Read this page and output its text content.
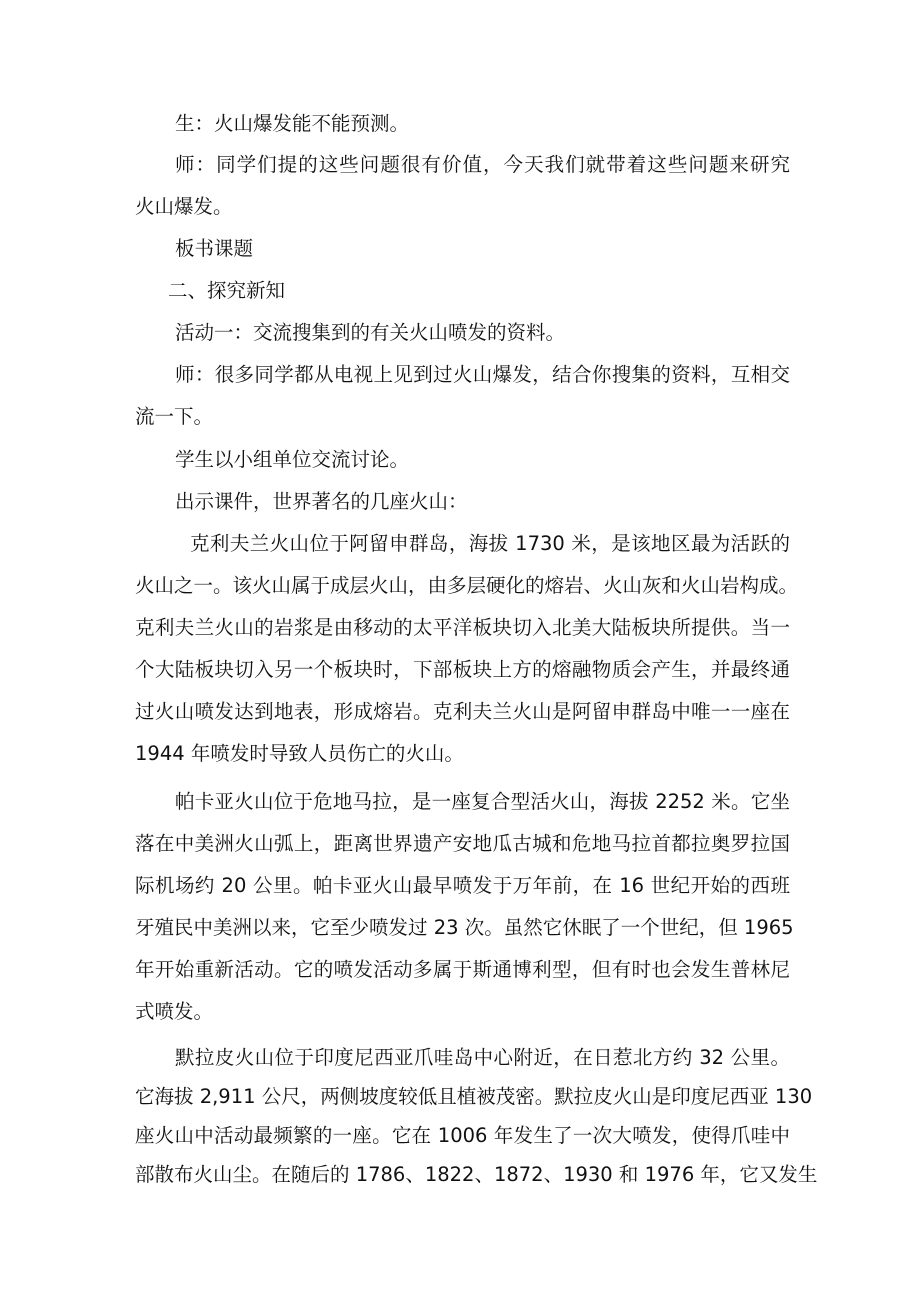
生：火山爆发能不能预测。
师：同学们提的这些问题很有价值，今天我们就带着这些问题来研究
火山爆发。
板书课题
二、探究新知
活动一：交流搜集到的有关火山喷发的资料。
师：很多同学都从电视上见到过火山爆发，结合你搜集的资料，互相交
流一下。
学生以小组单位交流讨论。
出示课件，世界著名的几座火山：
克利夫兰火山位于阿留申群岛，海拔 1730 米，是该地区最为活跃的
火山之一。该火山属于成层火山，由多层硬化的熔岩、火山灰和火山岩构成。
克利夫兰火山的岩浆是由移动的太平洋板块切入北美大陆板块所提供。当一
个大陆板块切入另一个板块时，下部板块上方的熔融物质会产生，并最终通
过火山喷发达到地表，形成熔岩。克利夫兰火山是阿留申群岛中唯一一座在
1944 年喷发时导致人员伤亡的火山。
帕卡亚火山位于危地马拉，是一座复合型活火山，海拔 2252 米。它坐
落在中美洲火山弧上，距离世界遗产安地瓜古城和危地马拉首都拉奥罗拉国
际机场约 20 公里。帕卡亚火山最早喷发于万年前，在 16 世纪开始的西班
牙殖民中美洲以来，它至少喷发过 23 次。虽然它休眠了一个世纪，但 1965
年开始重新活动。它的喷发活动多属于斯通博利型，但有时也会发生普林尼
式喷发。
默拉皮火山位于印度尼西亚爪哇岛中心附近，在日惹北方约 32 公里。
它海拔 2,911 公尺，两侧坡度较低且植被茂密。默拉皮火山是印度尼西亚 130
座火山中活动最频繁的一座。它在 1006 年发生了一次大喷发，使得爪哇中
部散布火山尘。在随后的 1786、1822、1872、1930 和 1976 年，它又发生
